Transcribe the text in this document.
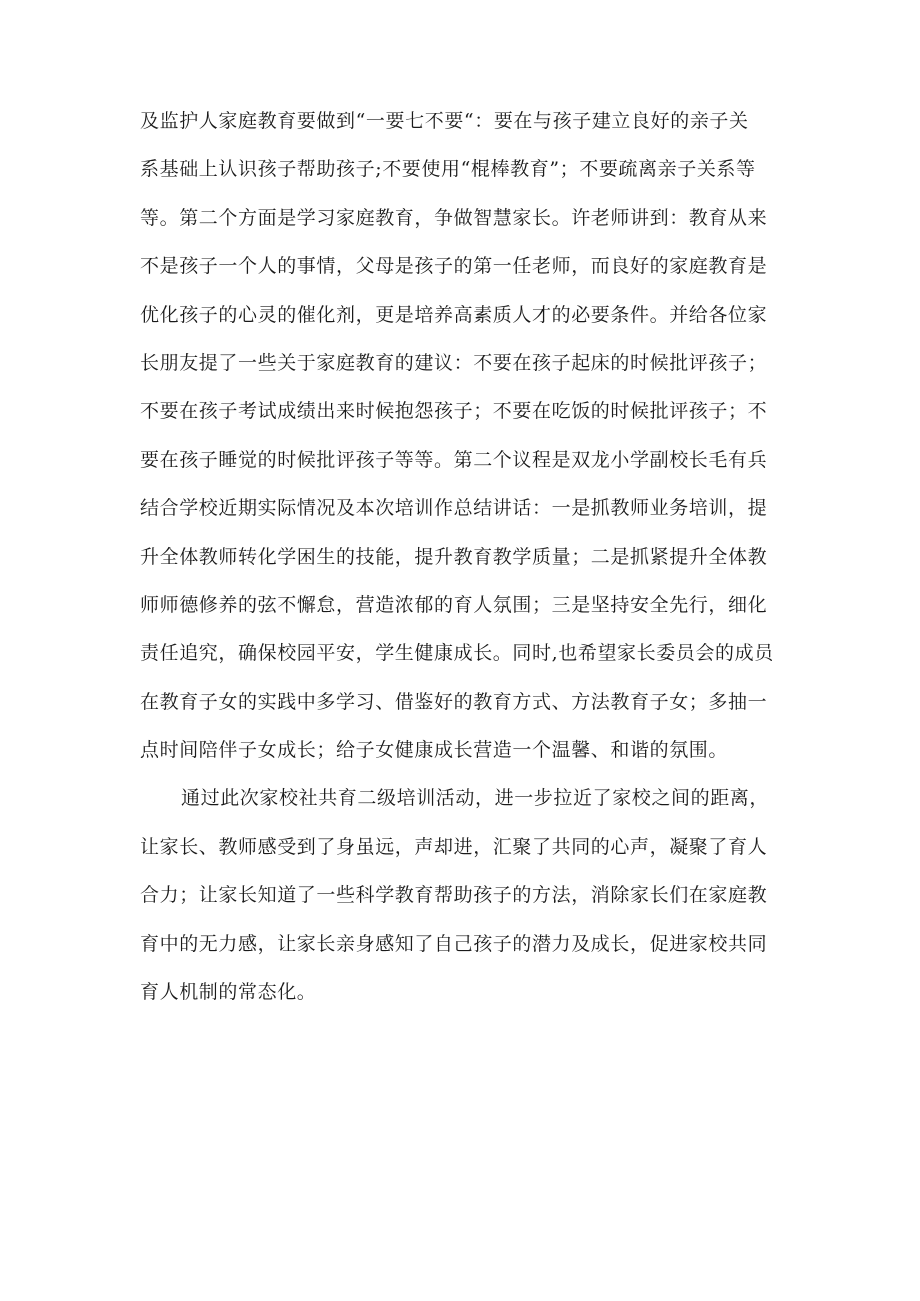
及监护人家庭教育要做到“一要七不要“：要在与孩子建立良好的亲子关
系基础上认识孩子帮助孩子;不要使用“棍棒教育”；不要疏离亲子关系等
等。第二个方面是学习家庭教育，争做智慧家长。许老师讲到：教育从来
不是孩子一个人的事情，父母是孩子的第一任老师，而良好的家庭教育是
优化孩子的心灵的催化剂，更是培养高素质人才的必要条件。并给各位家
长朋友提了一些关于家庭教育的建议：不要在孩子起床的时候批评孩子；
不要在孩子考试成绩出来时候抱怨孩子；不要在吃饭的时候批评孩子；不
要在孩子睡觉的时候批评孩子等等。第二个议程是双龙小学副校长毛有兵
结合学校近期实际情况及本次培训作总结讲话：一是抓教师业务培训，提
升全体教师转化学困生的技能，提升教育教学质量；二是抓紧提升全体教
师师德修养的弦不懈怠，营造浓郁的育人氛围；三是坚持安全先行，细化
责任追究，确保校园平安，学生健康成长。同时,也希望家长委员会的成员
在教育子女的实践中多学习、借鉴好的教育方式、方法教育子女；多抽一
点时间陪伴子女成长；给子女健康成长营造一个温馨、和谐的氛围。
通过此次家校社共育二级培训活动，进一步拉近了家校之间的距离，
让家长、教师感受到了身虽远，声却进，汇聚了共同的心声，凝聚了育人
合力；让家长知道了一些科学教育帮助孩子的方法，消除家长们在家庭教
育中的无力感，让家长亲身感知了自己孩子的潜力及成长，促进家校共同
育人机制的常态化。
